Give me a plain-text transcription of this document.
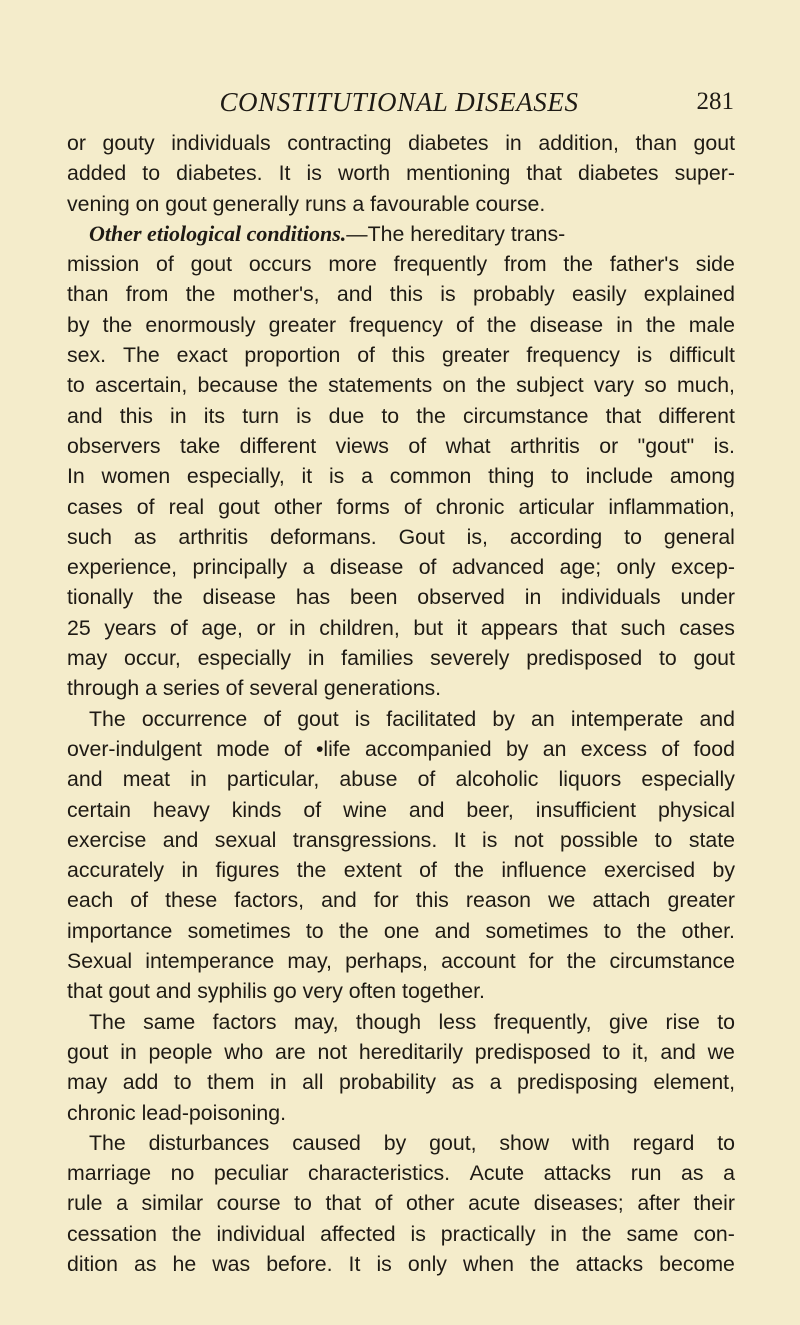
CONSTITUTIONAL DISEASES	281
or gouty individuals contracting diabetes in addition, than gout
added to diabetes. It is worth mentioning that diabetes super-
vening on gout generally runs a favourable course.
Other etiological conditions.—The hereditary trans-
mission of gout occurs more frequently from the father's side
than from the mother's, and this is probably easily explained
by the enormously greater frequency of the disease in the male
sex. The exact proportion of this greater frequency is difficult
to ascertain, because the statements on the subject vary so much,
and this in its turn is due to the circumstance that different
observers take different views of what arthritis or "gout" is.
In women especially, it is a common thing to include among
cases of real gout other forms of chronic articular inflammation,
such as arthritis deformans. Gout is, according to general
experience, principally a disease of advanced age; only excep-
tionally the disease has been observed in individuals under
25 years of age, or in children, but it appears that such cases
may occur, especially in families severely predisposed to gout
through a series of several generations.
The occurrence of gout is facilitated by an intemperate and
over-indulgent mode of •life accompanied by an excess of food
and meat in particular, abuse of alcoholic liquors especially
certain heavy kinds of wine and beer, insufficient physical
exercise and sexual transgressions. It is not possible to state
accurately in figures the extent of the influence exercised by
each of these factors, and for this reason we attach greater
importance sometimes to the one and sometimes to the other.
Sexual intemperance may, perhaps, account for the circumstance
that gout and syphilis go very often together.
The same factors may, though less frequently, give rise to
gout in people who are not hereditarily predisposed to it, and we
may add to them in all probability as a predisposing element,
chronic lead-poisoning.
The disturbances caused by gout, show with regard to
marriage no peculiar characteristics. Acute attacks run as a
rule a similar course to that of other acute diseases; after their
cessation the individual affected is practically in the same con-
dition as he was before. It is only when the attacks become
